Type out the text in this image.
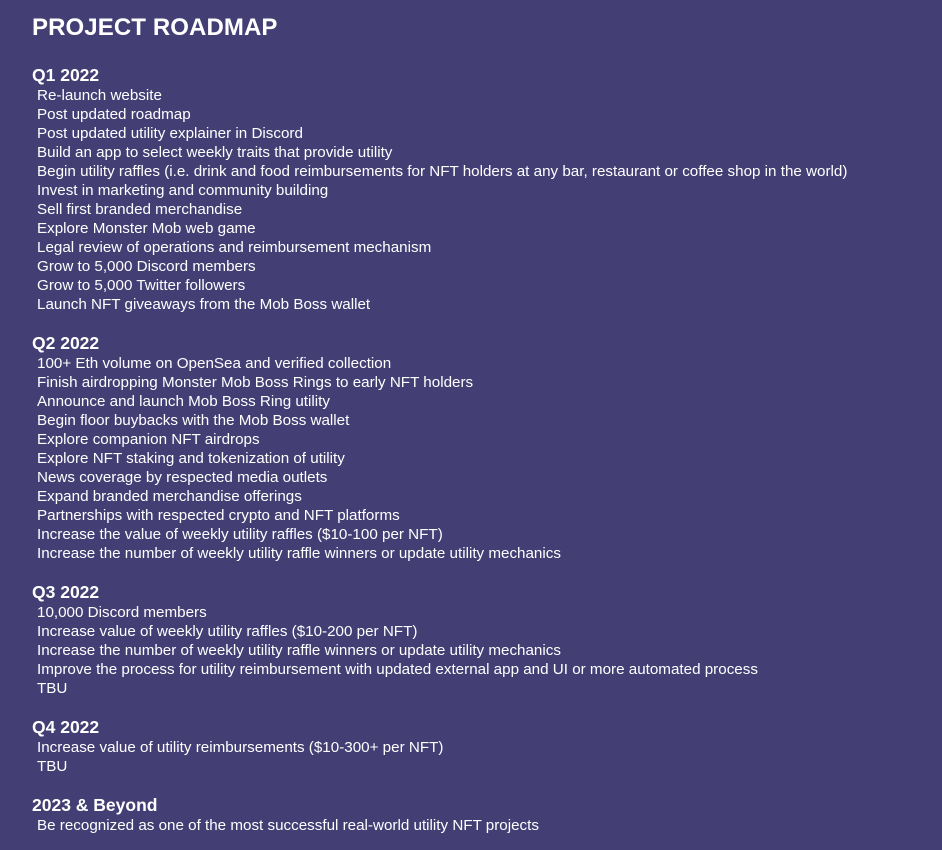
PROJECT ROADMAP
Q1 2022
Re-launch website
Post updated roadmap
Post updated utility explainer in Discord
Build an app to select weekly traits that provide utility
Begin utility raffles (i.e. drink and food reimbursements for NFT holders at any bar, restaurant or coffee shop in the world)
Invest in marketing and community building
Sell first branded merchandise
Explore Monster Mob web game
Legal review of operations and reimbursement mechanism
Grow to 5,000 Discord members
Grow to 5,000 Twitter followers
Launch NFT giveaways from the Mob Boss wallet
Q2 2022
100+ Eth volume on OpenSea and verified collection
Finish airdropping Monster Mob Boss Rings to early NFT holders
Announce and launch Mob Boss Ring utility
Begin floor buybacks with the Mob Boss wallet
Explore companion NFT airdrops
Explore NFT staking and tokenization of utility
News coverage by respected media outlets
Expand branded merchandise offerings
Partnerships with respected crypto and NFT platforms
Increase the value of weekly utility raffles ($10-100 per NFT)
Increase the number of weekly utility raffle winners or update utility mechanics
Q3 2022
10,000 Discord members
Increase value of weekly utility raffles ($10-200 per NFT)
Increase the number of weekly utility raffle winners or update utility mechanics
Improve the process for utility reimbursement with updated external app and UI or more automated process
TBU
Q4 2022
Increase value of utility reimbursements ($10-300+ per NFT)
TBU
2023 & Beyond
Be recognized as one of the most successful real-world utility NFT projects
